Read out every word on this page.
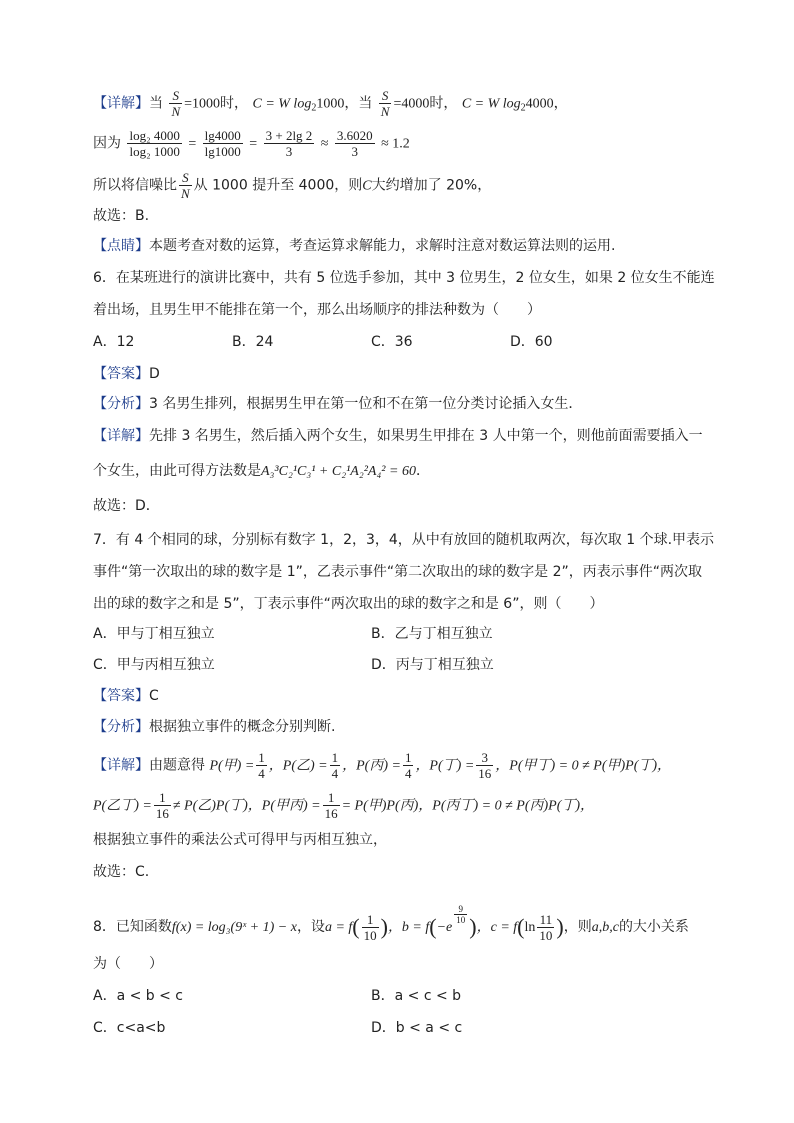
【详解】当 $\frac{S}{N} =1000$时， C = W $\log_21000$，当 $\frac{S}{N} =4000$时， C = W $\log_24000$，
因为 $\frac{\text{log₂ 4000}}{\text{log₂ 1000}} = \frac{\lg 4000}{\lg 1000} = \frac{3 + 2\lg 2}{3} \approx \frac{3.6020}{3} \approx 1.2$
所以将信噪比 $\frac{S}{N}$ 从 1000 提升至 4000，则C大约增加了 20%，
故选：B.
【点睛】本题考查对数的运算，考查运算求解能力，求解时注意对数运算法则的运用.
6．在某班进行的演讲比赛中，共有 5 位选手参加，其中 3 位男生，2 位女生，如果 2 位女生不能连
着出场，且男生甲不能排在第一个，那么出场顺序的排法种数为（　　）
A．12	B．24	C．36	D．60
【答案】D
【分析】3 名男生排列，根据男生甲在第一位和不在第一位分类讨论插入女生．
【详解】先排 3 名男生，然后插入两个女生，如果男生甲排在 3 人中第一个，则他前面需要插入一
个女生，由此可得方法数是A₃³C₂¹C₃¹ + C₂¹A₂²A₄² = 60．
故选：D．
7．有 4 个相同的球，分别标有数字 1，2，3，4，从中有放回的随机取两次，每次取 1 个球.甲表示
事件“第一次取出的球的数字是 1”，乙表示事件“第二次取出的球的数字是 2”，丙表示事件“两次取
出的球的数字之和是 5”，丁表示事件“两次取出的球的数字之和是 6”，则（　　）
A．甲与丁相互独立	B．乙与丁相互独立
C．甲与丙相互独立	D．丙与丁相互独立
【答案】C
【分析】根据独立事件的概念分别判断.
【详解】由题意得 P(甲) = $\frac{1}{4}$ ，P(乙) = $\frac{1}{4}$ ，P(丙) = $\frac{1}{4}$ ，P(丁) = $\frac{3}{16}$ ，P(甲丁) = 0 ≠ P(甲)P(丁)，
P(乙丁) = $\frac{1}{16} \ne P$(乙)P(丁)，P(甲丙) = $\frac{1}{16} = P$(甲)P(丙)，P(丙丁) = 0 ≠ P(丙)P(丁)，
根据独立事件的乘法公式可得甲与丙相互独立，
故选：C.
8．已知函数f(x) = log₃(9ˣ + 1) − x，设$a = f( \frac{1}{10}$ )，b = f(−e
$\frac{9}{10}$ )，$c = f(\ln \frac{11}{10}$ )，则a,b,c的大小关系
为（　　）
A．a < b < c	B．a < c < b
C．c<a<b	D．b < a < c
